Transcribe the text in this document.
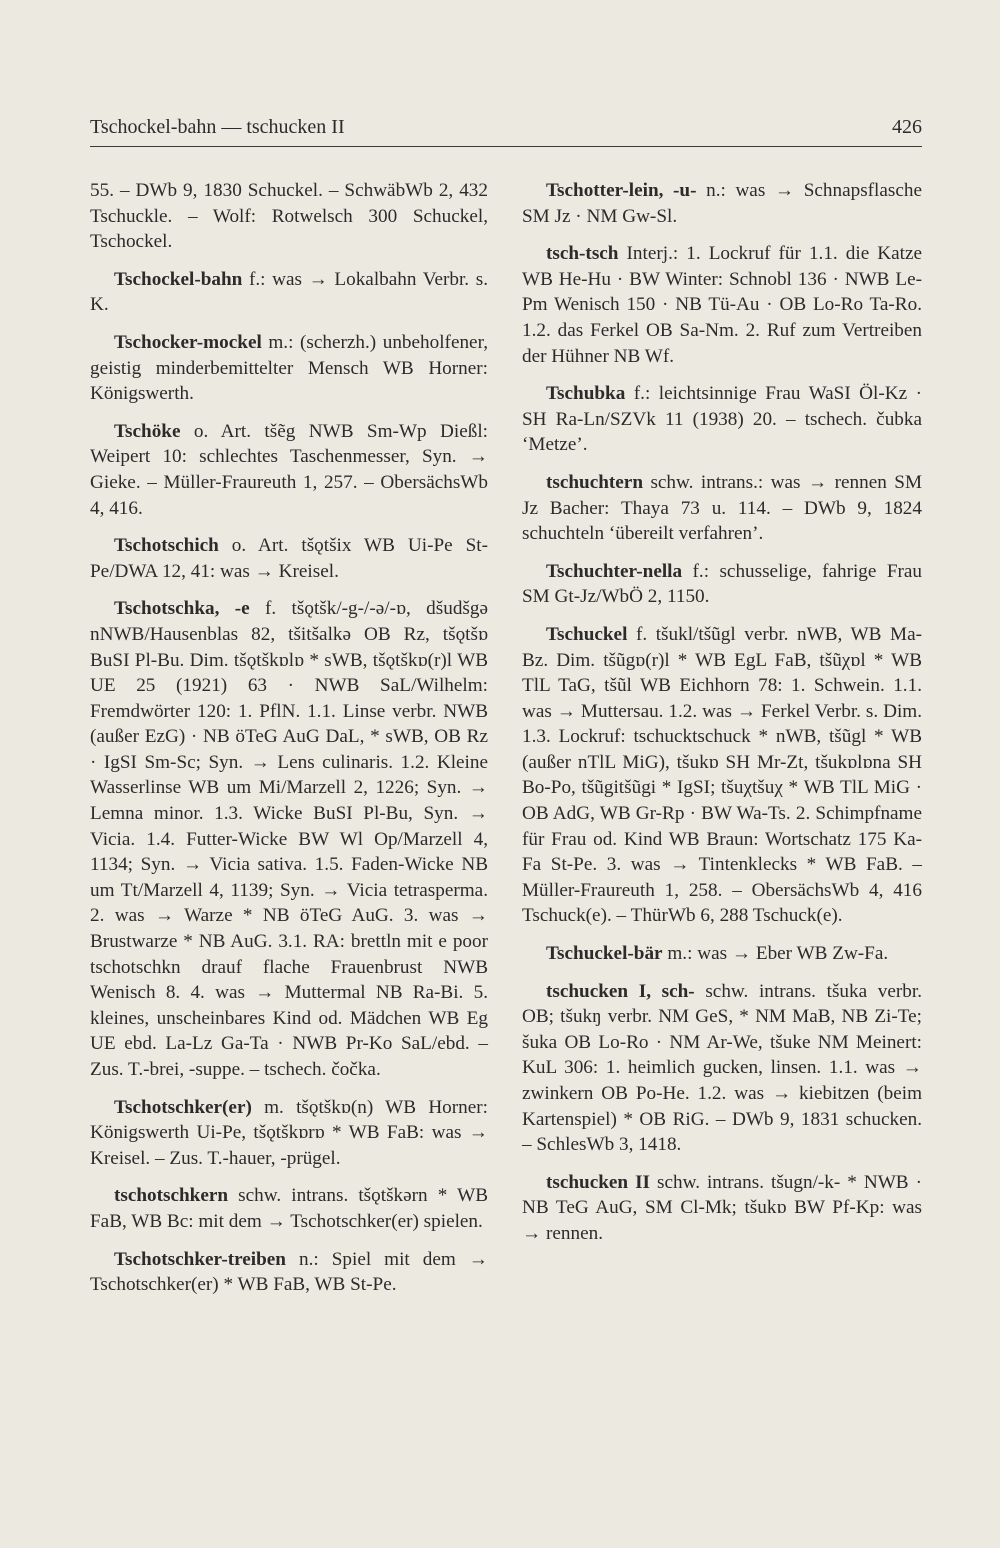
Tschockel-bahn — tschucken II	426

55. – DWb 9, 1830 Schuckel. – SchwäbWb 2, 432 Tschuckle. – Wolf: Rotwelsch 300 Schuckel, Tschockel.

Tschockel-bahn f.: was → Lokalbahn Verbr. s. K.

Tschocker-mockel m.: (scherzh.) unbeholfener, geistig minderbemittelter Mensch WB Horner: Königswerth.

Tschöke o. Art. tšẽg NWB Sm-Wp Dießl: Weipert 10: schlechtes Taschenmesser, Syn. → Gieke. – Müller-Fraureuth 1, 257. – ObersächsWb 4, 416.

Tschotschich o. Art. tšǫtšix WB Ui-Pe St-Pe/DWA 12, 41: was → Kreisel.

Tschotschka, -e f. tšǫtšk/-g-/-ə/-ɒ, dšudšgə nNWB/Hausenblas 82, tšitšalkə OB Rz, tšǫtšɒ BuSI Pl-Bu. Dim. tšǫtškɒlɒ * sWB, tšǫtškɒ(r)l WB UE 25 (1921) 63 · NWB SaL/Wilhelm: Fremdwörter 120: 1. PflN. 1.1. Linse verbr. NWB (außer EzG) · NB öTeG AuG DaL, * sWB, OB Rz · IgSI Sm-Sc; Syn. → Lens culinaris. 1.2. Kleine Wasserlinse WB um Mi/Marzell 2, 1226; Syn. → Lemna minor. 1.3. Wicke BuSI Pl-Bu, Syn. → Vicia. 1.4. Futter-Wicke BW Wl Op/Marzell 4, 1134; Syn. → Vicia sativa. 1.5. Faden-Wicke NB um Tt/Marzell 4, 1139; Syn. → Vicia tetrasperma. 2. was → Warze * NB öTeG AuG. 3. was → Brustwarze * NB AuG. 3.1. RA: brettln mit e poor tschotschkn drauf flache Frauenbrust NWB Wenisch 8. 4. was → Muttermal NB Ra-Bi. 5. kleines, unscheinbares Kind od. Mädchen WB Eg UE ebd. La-Lz Ga-Ta · NWB Pr-Ko SaL/ebd. – Zus. T.-brei, -suppe. – tschech. čočka.

Tschotschker(er) m. tšǫtškɒ(n) WB Horner: Königswerth Ui-Pe, tšǫtškɒrɒ * WB FaB: was → Kreisel. – Zus. T.-hauer, -prügel.

tschotschkern schw. intrans. tšǫtškərn * WB FaB, WB Bc: mit dem → Tschotschker(er) spielen.

Tschotschker-treiben n.: Spiel mit dem → Tschotschker(er) * WB FaB, WB St-Pe.

Tschotter-lein, -u- n.: was → Schnapsflasche SM Jz · NM Gw-Sl.

tsch-tsch Interj.: 1. Lockruf für 1.1. die Katze WB He-Hu · BW Winter: Schnobl 136 · NWB Le-Pm Wenisch 150 · NB Tü-Au · OB Lo-Ro Ta-Ro. 1.2. das Ferkel OB Sa-Nm. 2. Ruf zum Vertreiben der Hühner NB Wf.

Tschubka f.: leichtsinnige Frau WaSI Öl-Kz · SH Ra-Ln/SZVk 11 (1938) 20. – tschech. čubka ‘Metze’.

tschuchtern schw. intrans.: was → rennen SM Jz Bacher: Thaya 73 u. 114. – DWb 9, 1824 schuchteln ‘übereilt verfahren’.

Tschuchter-nella f.: schusselige, fahrige Frau SM Gt-Jz/WbÖ 2, 1150.

Tschuckel f. tšukl/tšũgl verbr. nWB, WB Ma-Bz. Dim. tšũgɒ(r)l * WB EgL FaB, tšũχɒl * WB TlL TaG, tšũl WB Eichhorn 78: 1. Schwein. 1.1. was → Muttersau. 1.2. was → Ferkel Verbr. s. Dim. 1.3. Lockruf: tschucktschuck * nWB, tšũgl * WB (außer nTlL MiG), tšukɒ SH Mr-Zt, tšukɒlɒna SH Bo-Po, tšũgitšũgi * IgSI; tšuχtšuχ * WB TlL MiG · OB AdG, WB Gr-Rp · BW Wa-Ts. 2. Schimpfname für Frau od. Kind WB Braun: Wortschatz 175 Ka-Fa St-Pe. 3. was → Tintenklecks * WB FaB. – Müller-Fraureuth 1, 258. – ObersächsWb 4, 416 Tschuck(e). – ThürWb 6, 288 Tschuck(e).

Tschuckel-bär m.: was → Eber WB Zw-Fa.

tschucken I, sch- schw. intrans. tšuka verbr. OB; tšukŋ verbr. NM GeS, * NM MaB, NB Zi-Te; šuka OB Lo-Ro · NM Ar-We, tšuke NM Meinert: KuL 306: 1. heimlich gucken, linsen. 1.1. was → zwinkern OB Po-He. 1.2. was → kiebitzen (beim Kartenspiel) * OB RiG. – DWb 9, 1831 schucken. – SchlesWb 3, 1418.

tschucken II schw. intrans. tšugn/-k- * NWB · NB TeG AuG, SM Cl-Mk; tšukɒ BW Pf-Kp: was → rennen.
